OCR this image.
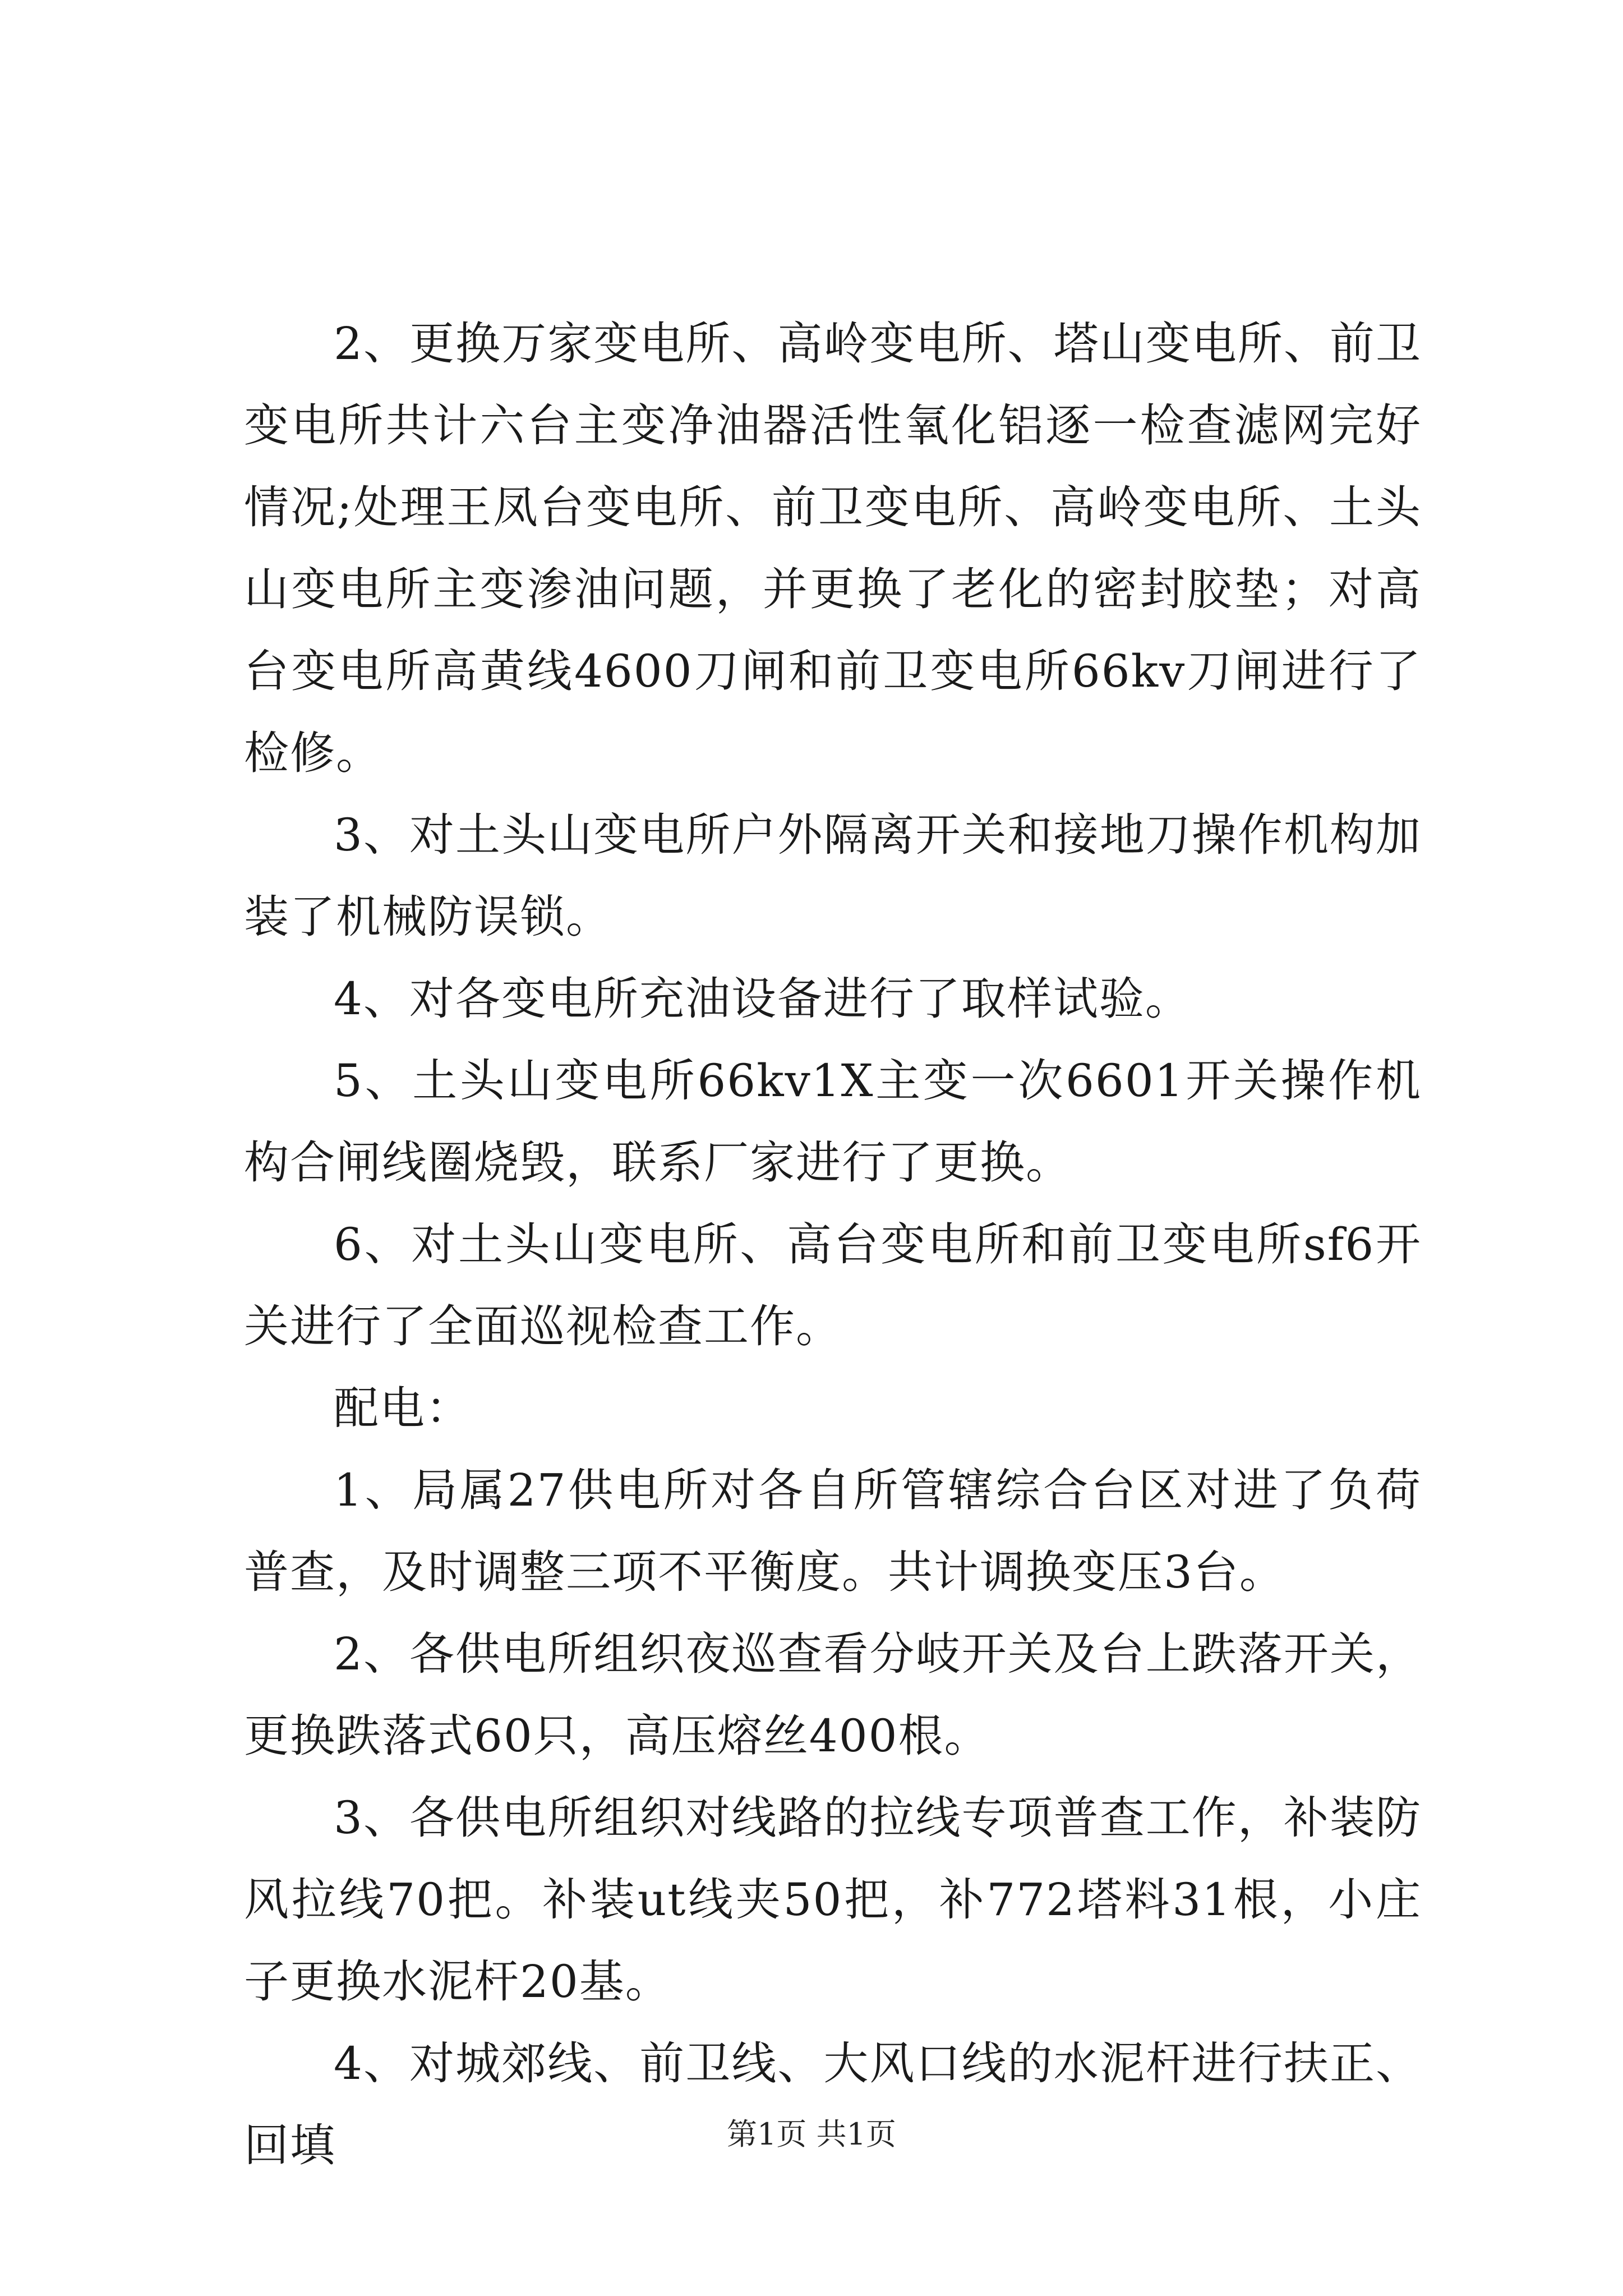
2、更换万家变电所、高岭变电所、塔山变电所、前卫变电所共计六台主变净油器活性氧化铝逐一检查滤网完好情况;处理王凤台变电所、前卫变电所、高岭变电所、土头山变电所主变渗油问题，并更换了老化的密封胶垫；对高台变电所高黄线4600刀闸和前卫变电所66kv刀闸进行了检修。

3、对土头山变电所户外隔离开关和接地刀操作机构加装了机械防误锁。

4、对各变电所充油设备进行了取样试验。

5、土头山变电所66kv1X主变一次6601开关操作机构合闸线圈烧毁，联系厂家进行了更换。

6、对土头山变电所、高台变电所和前卫变电所sf6开关进行了全面巡视检查工作。

配电：

1、局属27供电所对各自所管辖综合台区对进了负荷普查，及时调整三项不平衡度。共计调换变压3台。

2、各供电所组织夜巡查看分岐开关及台上跌落开关，更换跌落式60只，高压熔丝400根。

3、各供电所组织对线路的拉线专项普查工作，补装防风拉线70把。补装ut线夹50把，补772塔料31根，小庄子更换水泥杆20基。

4、对城郊线、前卫线、大风口线的水泥杆进行扶正、回填	第1页 共1页
